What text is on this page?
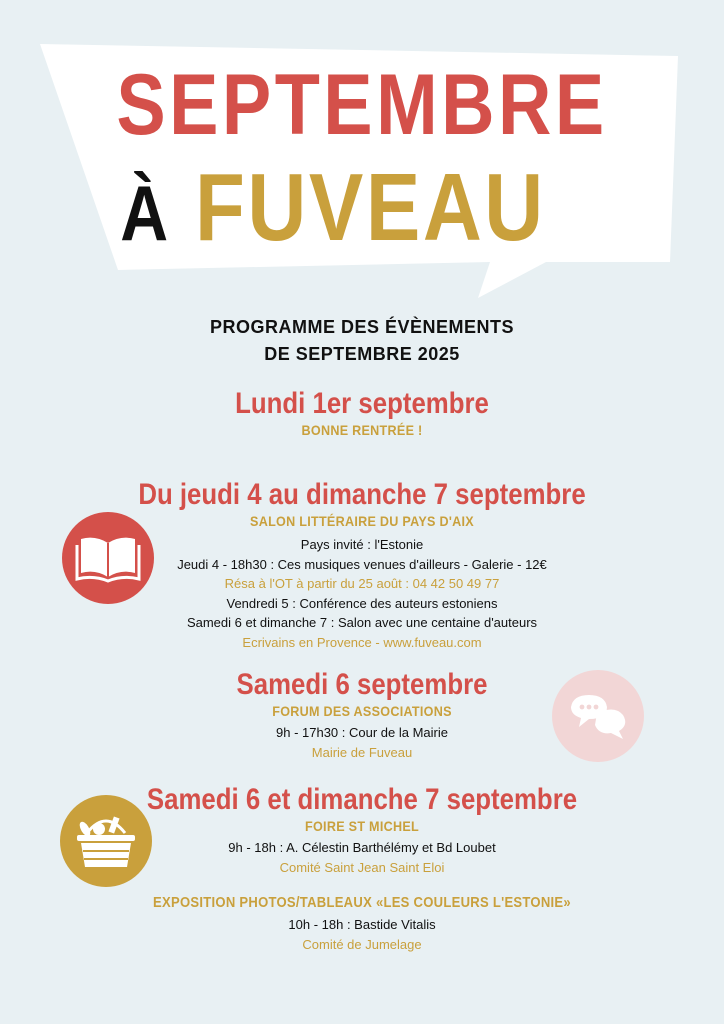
SEPTEMBRE
À FUVEAU
PROGRAMME DES ÉVÈNEMENTS
DE SEPTEMBRE 2025
Lundi 1er septembre
BONNE RENTRÉE !
Du jeudi 4 au dimanche 7 septembre
SALON LITTÉRAIRE DU PAYS D'AIX
Pays invité : l'Estonie
Jeudi 4 - 18h30 : Ces musiques venues d'ailleurs - Galerie - 12€
Résa à l'OT à partir du 25 août : 04 42 50 49 77
Vendredi 5 : Conférence des auteurs estoniens
Samedi 6 et dimanche 7 : Salon avec une centaine d'auteurs
Ecrivains en Provence - www.fuveau.com
Samedi 6 septembre
FORUM DES ASSOCIATIONS
9h - 17h30 : Cour de la Mairie
Mairie de Fuveau
Samedi 6 et dimanche 7 septembre
FOIRE ST MICHEL
9h - 18h : A. Célestin Barthélémy et Bd Loubet
Comité Saint Jean Saint Eloi
EXPOSITION PHOTOS/TABLEAUX «LES COULEURS L'ESTONIE»
10h - 18h : Bastide Vitalis
Comité de Jumelage
